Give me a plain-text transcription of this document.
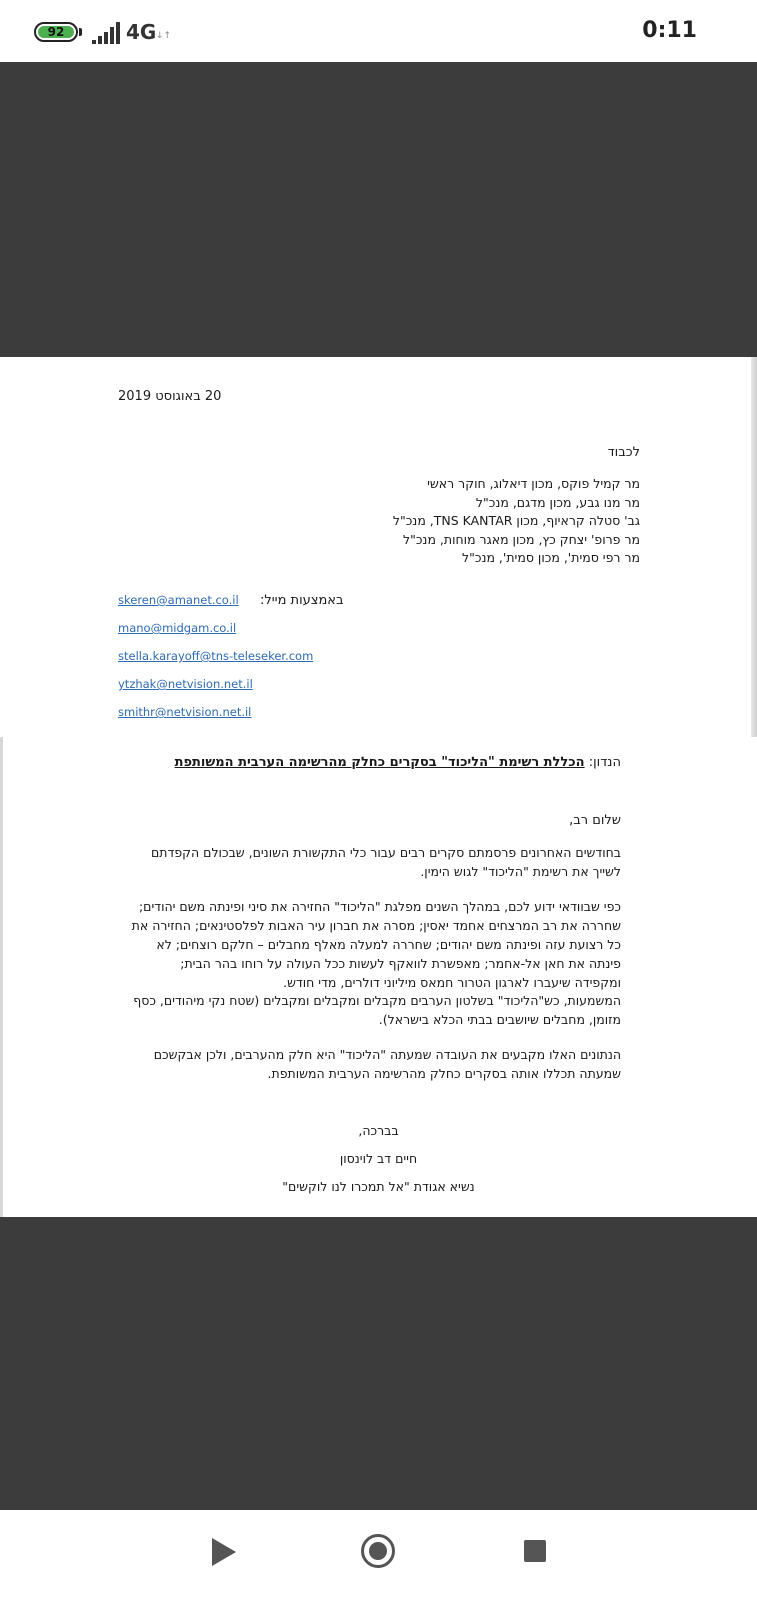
92	4G ↓↑	0:11
20 באוגוסט 2019
לכבוד
מר קמיל פוקס, מכון דיאלוג, חוקר ראשי
מר מנו גבע, מכון מדגם, מנכ"ל
גב' סטלה קראיוף, מכון TNS KANTAR, מנכ"ל
מר פרופ' יצחק כץ, מכון מאגר מוחות, מנכ"ל
מר רפי סמית', מכון סמית', מנכ"ל
באמצעות מייל:
skeren@amanet.co.il
mano@midgam.co.il
stella.karayoff@tns-teleseker.com
ytzhak@netvision.net.il
smithr@netvision.net.il
הנדון: הכללת רשימת "הליכוד" בסקרים כחלק מהרשימה הערבית המשותפת
שלום רב,
בחודשים האחרונים פרסמתם סקרים רבים עבור כלי התקשורת השונים, שבכולם הקפדתם לשייך את רשימת "הליכוד" לגוש הימין.
כפי שבוודאי ידוע לכם, במהלך השנים מפלגת "הליכוד" החזירה את סיני ופינתה משם יהודים; שחררה את רב המרצחים אחמד יאסין; מסרה את חברון עיר האבות לפלסטינאים; החזירה את כל רצועת עזה ופינתה משם יהודים; שחררה למעלה מאלף מחבלים – חלקם רוצחים; לא פינתה את חאן אל-אחמר; מאפשרת לוואקף לעשות ככל העולה על רוחו בהר הבית; ומקפידה שיעברו לארגון הטרור חמאס מיליוני דולרים, מדי חודש.
המשמעות, כש"הליכוד" בשלטון הערבים מקבלים ומקבלים ומקבלים (שטח נקי מיהודים, כסף מזומן, מחבלים שיושבים בבתי הכלא בישראל).
הנתונים האלו מקבעים את העובדה שמעתה "הליכוד" היא חלק מהערבים, ולכן אבקשכם שמעתה תכללו אותה בסקרים כחלק מהרשימה הערבית המשותפת.
בברכה,
חיים דב לוינסון
נשיא אגודת "אל תמכרו לנו לוקשים"
